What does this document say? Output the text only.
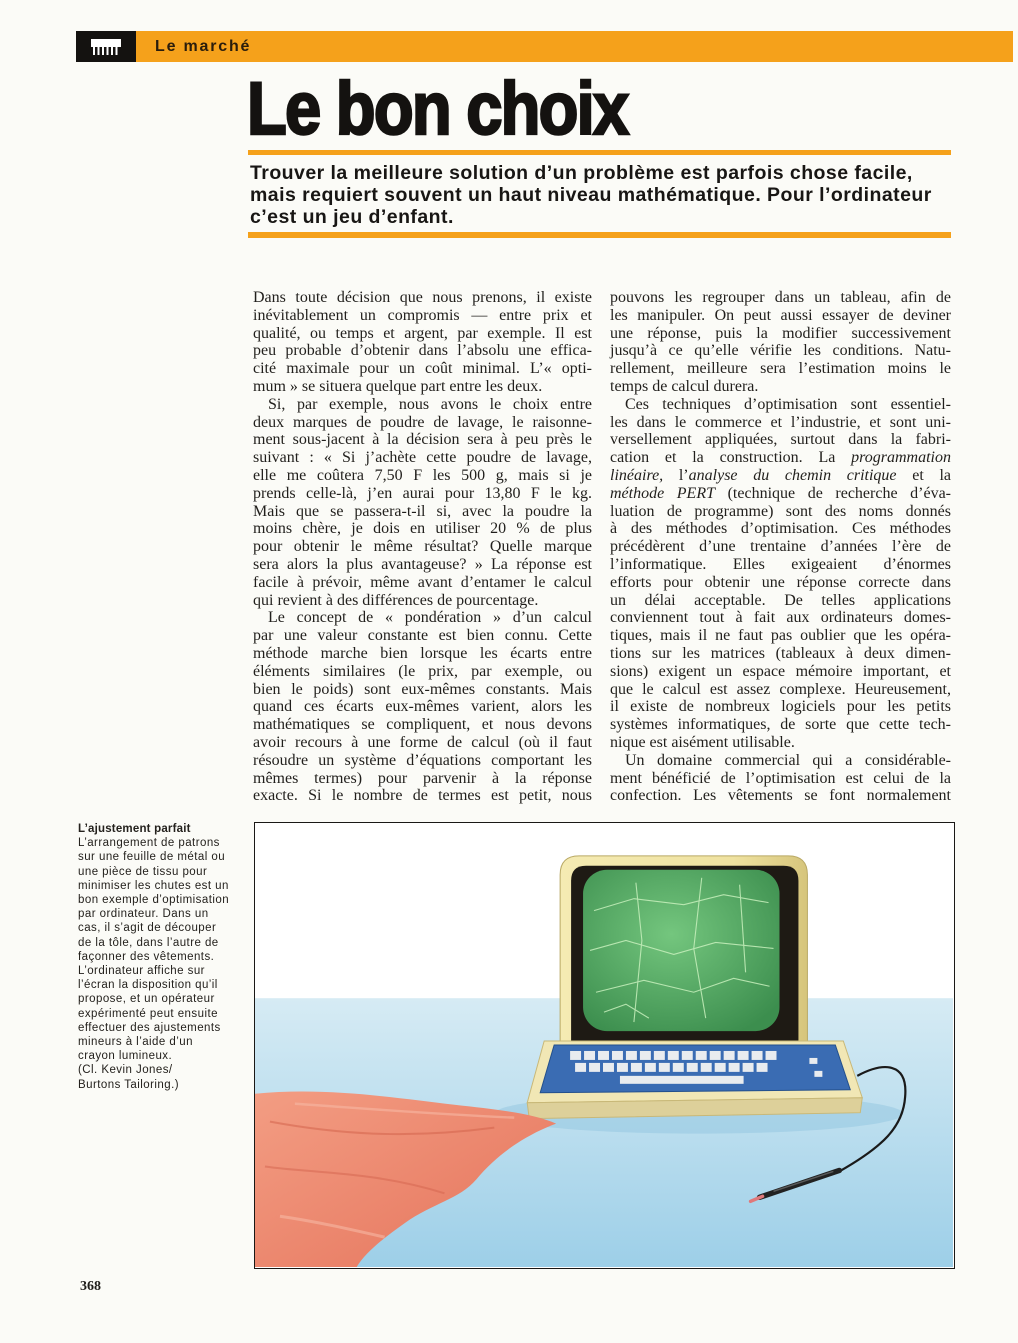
Le marché
Le bon choix
Trouver la meilleure solution d’un problème est parfois chose facile,
mais requiert souvent un haut niveau mathématique. Pour l’ordinateur
c’est un jeu d’enfant.
Dans toute décision que nous prenons, il existe
inévitablement un compromis — entre prix et
qualité, ou temps et argent, par exemple. Il est
peu probable d’obtenir dans l’absolu une effica-
cité maximale pour un coût minimal. L’« opti-
mum » se situera quelque part entre les deux.
Si, par exemple, nous avons le choix entre
deux marques de poudre de lavage, le raisonne-
ment sous-jacent à la décision sera à peu près le
suivant : « Si j’achète cette poudre de lavage,
elle me coûtera 7,50 F les 500 g, mais si je
prends celle-là, j’en aurai pour 13,80 F le kg.
Mais que se passera-t-il si, avec la poudre la
moins chère, je dois en utiliser 20 % de plus
pour obtenir le même résultat? Quelle marque
sera alors la plus avantageuse? » La réponse est
facile à prévoir, même avant d’entamer le calcul
qui revient à des différences de pourcentage.
Le concept de « pondération » d’un calcul
par une valeur constante est bien connu. Cette
méthode marche bien lorsque les écarts entre
éléments similaires (le prix, par exemple, ou
bien le poids) sont eux-mêmes constants. Mais
quand ces écarts eux-mêmes varient, alors les
mathématiques se compliquent, et nous devons
avoir recours à une forme de calcul (où il faut
résoudre un système d’équations comportant les
mêmes termes) pour parvenir à la réponse
exacte. Si le nombre de termes est petit, nous
pouvons les regrouper dans un tableau, afin de
les manipuler. On peut aussi essayer de deviner
une réponse, puis la modifier successivement
jusqu’à ce qu’elle vérifie les conditions. Natu-
rellement, meilleure sera l’estimation moins le
temps de calcul durera.
Ces techniques d’optimisation sont essentiel-
les dans le commerce et l’industrie, et sont uni-
versellement appliquées, surtout dans la fabri-
cation et la construction. La programmation
linéaire, l’analyse du chemin critique et la
méthode PERT (technique de recherche d’éva-
luation de programme) sont des noms donnés
à des méthodes d’optimisation. Ces méthodes
précédèrent d’une trentaine d’années l’ère de
l’informatique. Elles exigeaient d’énormes
efforts pour obtenir une réponse correcte dans
un délai acceptable. De telles applications
conviennent tout à fait aux ordinateurs domes-
tiques, mais il ne faut pas oublier que les opéra-
tions sur les matrices (tableaux à deux dimen-
sions) exigent un espace mémoire important, et
que le calcul est assez complexe. Heureusement,
il existe de nombreux logiciels pour les petits
systèmes informatiques, de sorte que cette tech-
nique est aisément utilisable.
Un domaine commercial qui a considérable-
ment bénéficié de l’optimisation est celui de la
confection. Les vêtements se font normalement
L’ajustement parfait
L’arrangement de patrons
sur une feuille de métal ou
une pièce de tissu pour
minimiser les chutes est un
bon exemple d’optimisation
par ordinateur. Dans un
cas, il s’agit de découper
de la tôle, dans l’autre de
façonner des vêtements.
L’ordinateur affiche sur
l’écran la disposition qu’il
propose, et un opérateur
expérimenté peut ensuite
effectuer des ajustements
mineurs à l’aide d’un
crayon lumineux.
(Cl. Kevin Jones/
Burtons Tailoring.)
368
